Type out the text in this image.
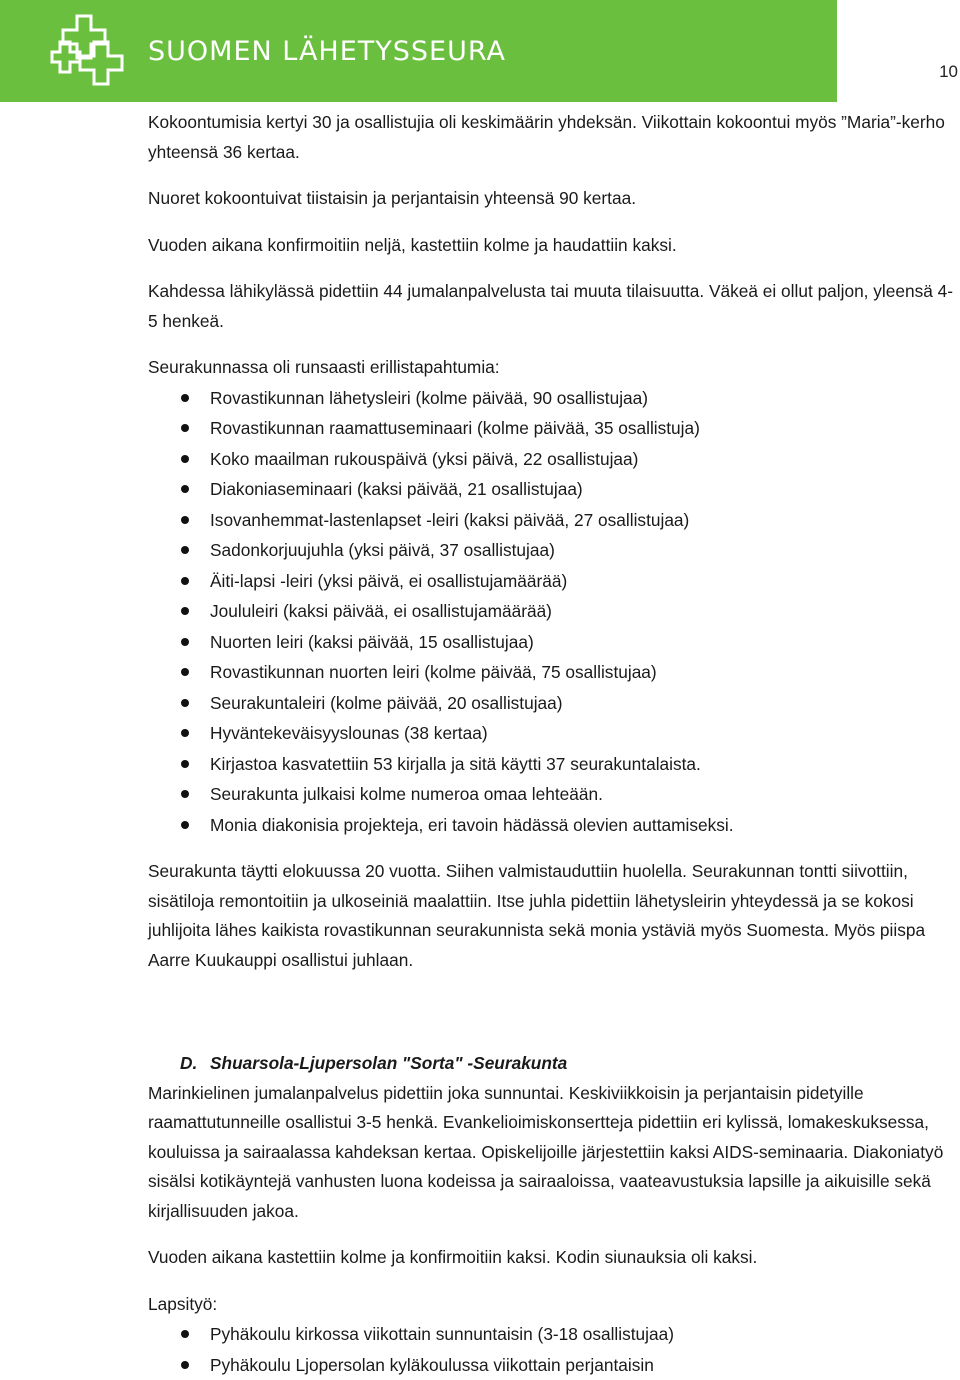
SUOMEN LÄHETYSSEURA
10

Kokoontumisia kertyi 30 ja osallistujia oli keskimäärin yhdeksän. Viikottain kokoontui myös ”Maria”-kerho yhteensä 36 kertaa.

Nuoret kokoontuivat tiistaisin ja perjantaisin yhteensä 90 kertaa.

Vuoden aikana konfirmoitiin neljä, kastettiin kolme ja haudattiin kaksi.

Kahdessa lähikylässä pidettiin 44 jumalanpalvelusta tai muuta tilaisuutta. Väkeä ei ollut paljon, yleensä 4-5 henkeä.

Seurakunnassa oli runsaasti erillistapahtumia:

Rovastikunnan lähetysleiri (kolme päivää, 90 osallistujaa)
Rovastikunnan raamattuseminaari (kolme päivää, 35 osallistuja)
Koko maailman rukouspäivä (yksi päivä, 22 osallistujaa)
Diakoniaseminaari (kaksi päivää, 21 osallistujaa)
Isovanhemmat-lastenlapset -leiri (kaksi päivää, 27 osallistujaa)
Sadonkorjuujuhla (yksi päivä, 37 osallistujaa)
Äiti-lapsi -leiri (yksi päivä, ei osallistujamäärää)
Joululeiri (kaksi päivää, ei osallistujamäärää)
Nuorten leiri (kaksi päivää, 15 osallistujaa)
Rovastikunnan nuorten leiri (kolme päivää, 75 osallistujaa)
Seurakuntaleiri (kolme päivää, 20 osallistujaa)
Hyväntekeväisyyslounas (38 kertaa)
Kirjastoa kasvatettiin 53 kirjalla ja sitä käytti 37 seurakuntalaista.
Seurakunta julkaisi kolme numeroa omaa lehteään.
Monia diakonisia projekteja, eri tavoin hädässä olevien auttamiseksi.

Seurakunta täytti elokuussa 20 vuotta. Siihen valmistauduttiin huolella. Seurakunnan tontti siivottiin, sisätiloja remontoitiin ja ulkoseiniä maalattiin. Itse juhla pidettiin lähetysleirin yhteydessä ja se kokosi juhlijoita lähes kaikista rovastikunnan seurakunnista sekä monia ystäviä myös Suomesta. Myös piispa Aarre Kuukauppi osallistui juhlaan.

D. Shuarsola-Ljupersolan "Sorta" -Seurakunta

Marinkielinen jumalanpalvelus pidettiin joka sunnuntai. Keskiviikkoisin ja perjantaisin pidetyille raamattutunneille osallistui 3-5 henkä. Evankelioimiskonsertteja pidettiin eri kylissä, lomakeskuksessa, kouluissa ja sairaalassa kahdeksan kertaa. Opiskelijoille järjestettiin kaksi AIDS-seminaaria. Diakoniatyö sisälsi kotikäyntejä vanhusten luona kodeissa ja sairaaloissa, vaateavustuksia lapsille ja aikuisille sekä kirjallisuuden jakoa.

Vuoden aikana kastettiin kolme ja konfirmoitiin kaksi. Kodin siunauksia oli kaksi.

Lapsityö:

Pyhäkoulu kirkossa viikottain sunnuntaisin (3-18 osallistujaa)
Pyhäkoulu Ljopersolan kyläkoulussa viikottain perjantaisin
